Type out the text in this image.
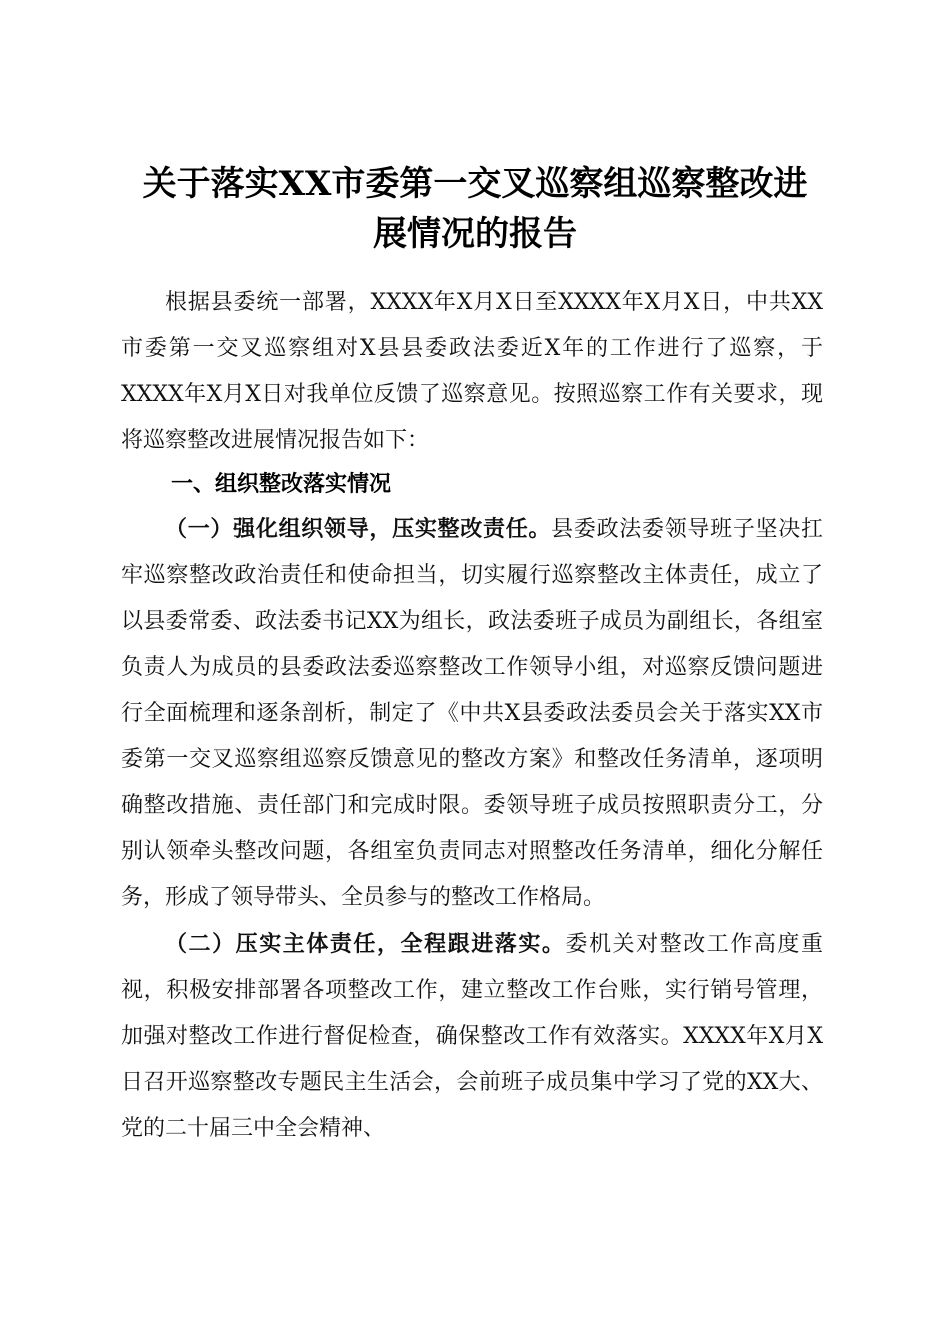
关于落实XX市委第一交叉巡察组巡察整改进
展情况的报告

根据县委统一部署，XXXX年X月X日至XXXX年X月X日，中共XX市委第一交叉巡察组对X县县委政法委近X年的工作进行了巡察，于XXXX年X月X日对我单位反馈了巡察意见。按照巡察工作有关要求，现将巡察整改进展情况报告如下：

一、组织整改落实情况

（一）强化组织领导，压实整改责任。县委政法委领导班子坚决扛牢巡察整改政治责任和使命担当，切实履行巡察整改主体责任，成立了以县委常委、政法委书记XX为组长，政法委班子成员为副组长，各组室负责人为成员的县委政法委巡察整改工作领导小组，对巡察反馈问题进行全面梳理和逐条剖析，制定了《中共X县委政法委员会关于落实XX市委第一交叉巡察组巡察反馈意见的整改方案》和整改任务清单，逐项明确整改措施、责任部门和完成时限。委领导班子成员按照职责分工，分别认领牵头整改问题，各组室负责同志对照整改任务清单，细化分解任务，形成了领导带头、全员参与的整改工作格局。

（二）压实主体责任，全程跟进落实。委机关对整改工作高度重视，积极安排部署各项整改工作，建立整改工作台账，实行销号管理，加强对整改工作进行督促检查，确保整改工作有效落实。XXXX年X月X日召开巡察整改专题民主生活会，会前班子成员集中学习了党的XX大、党的二十届三中全会精神、
